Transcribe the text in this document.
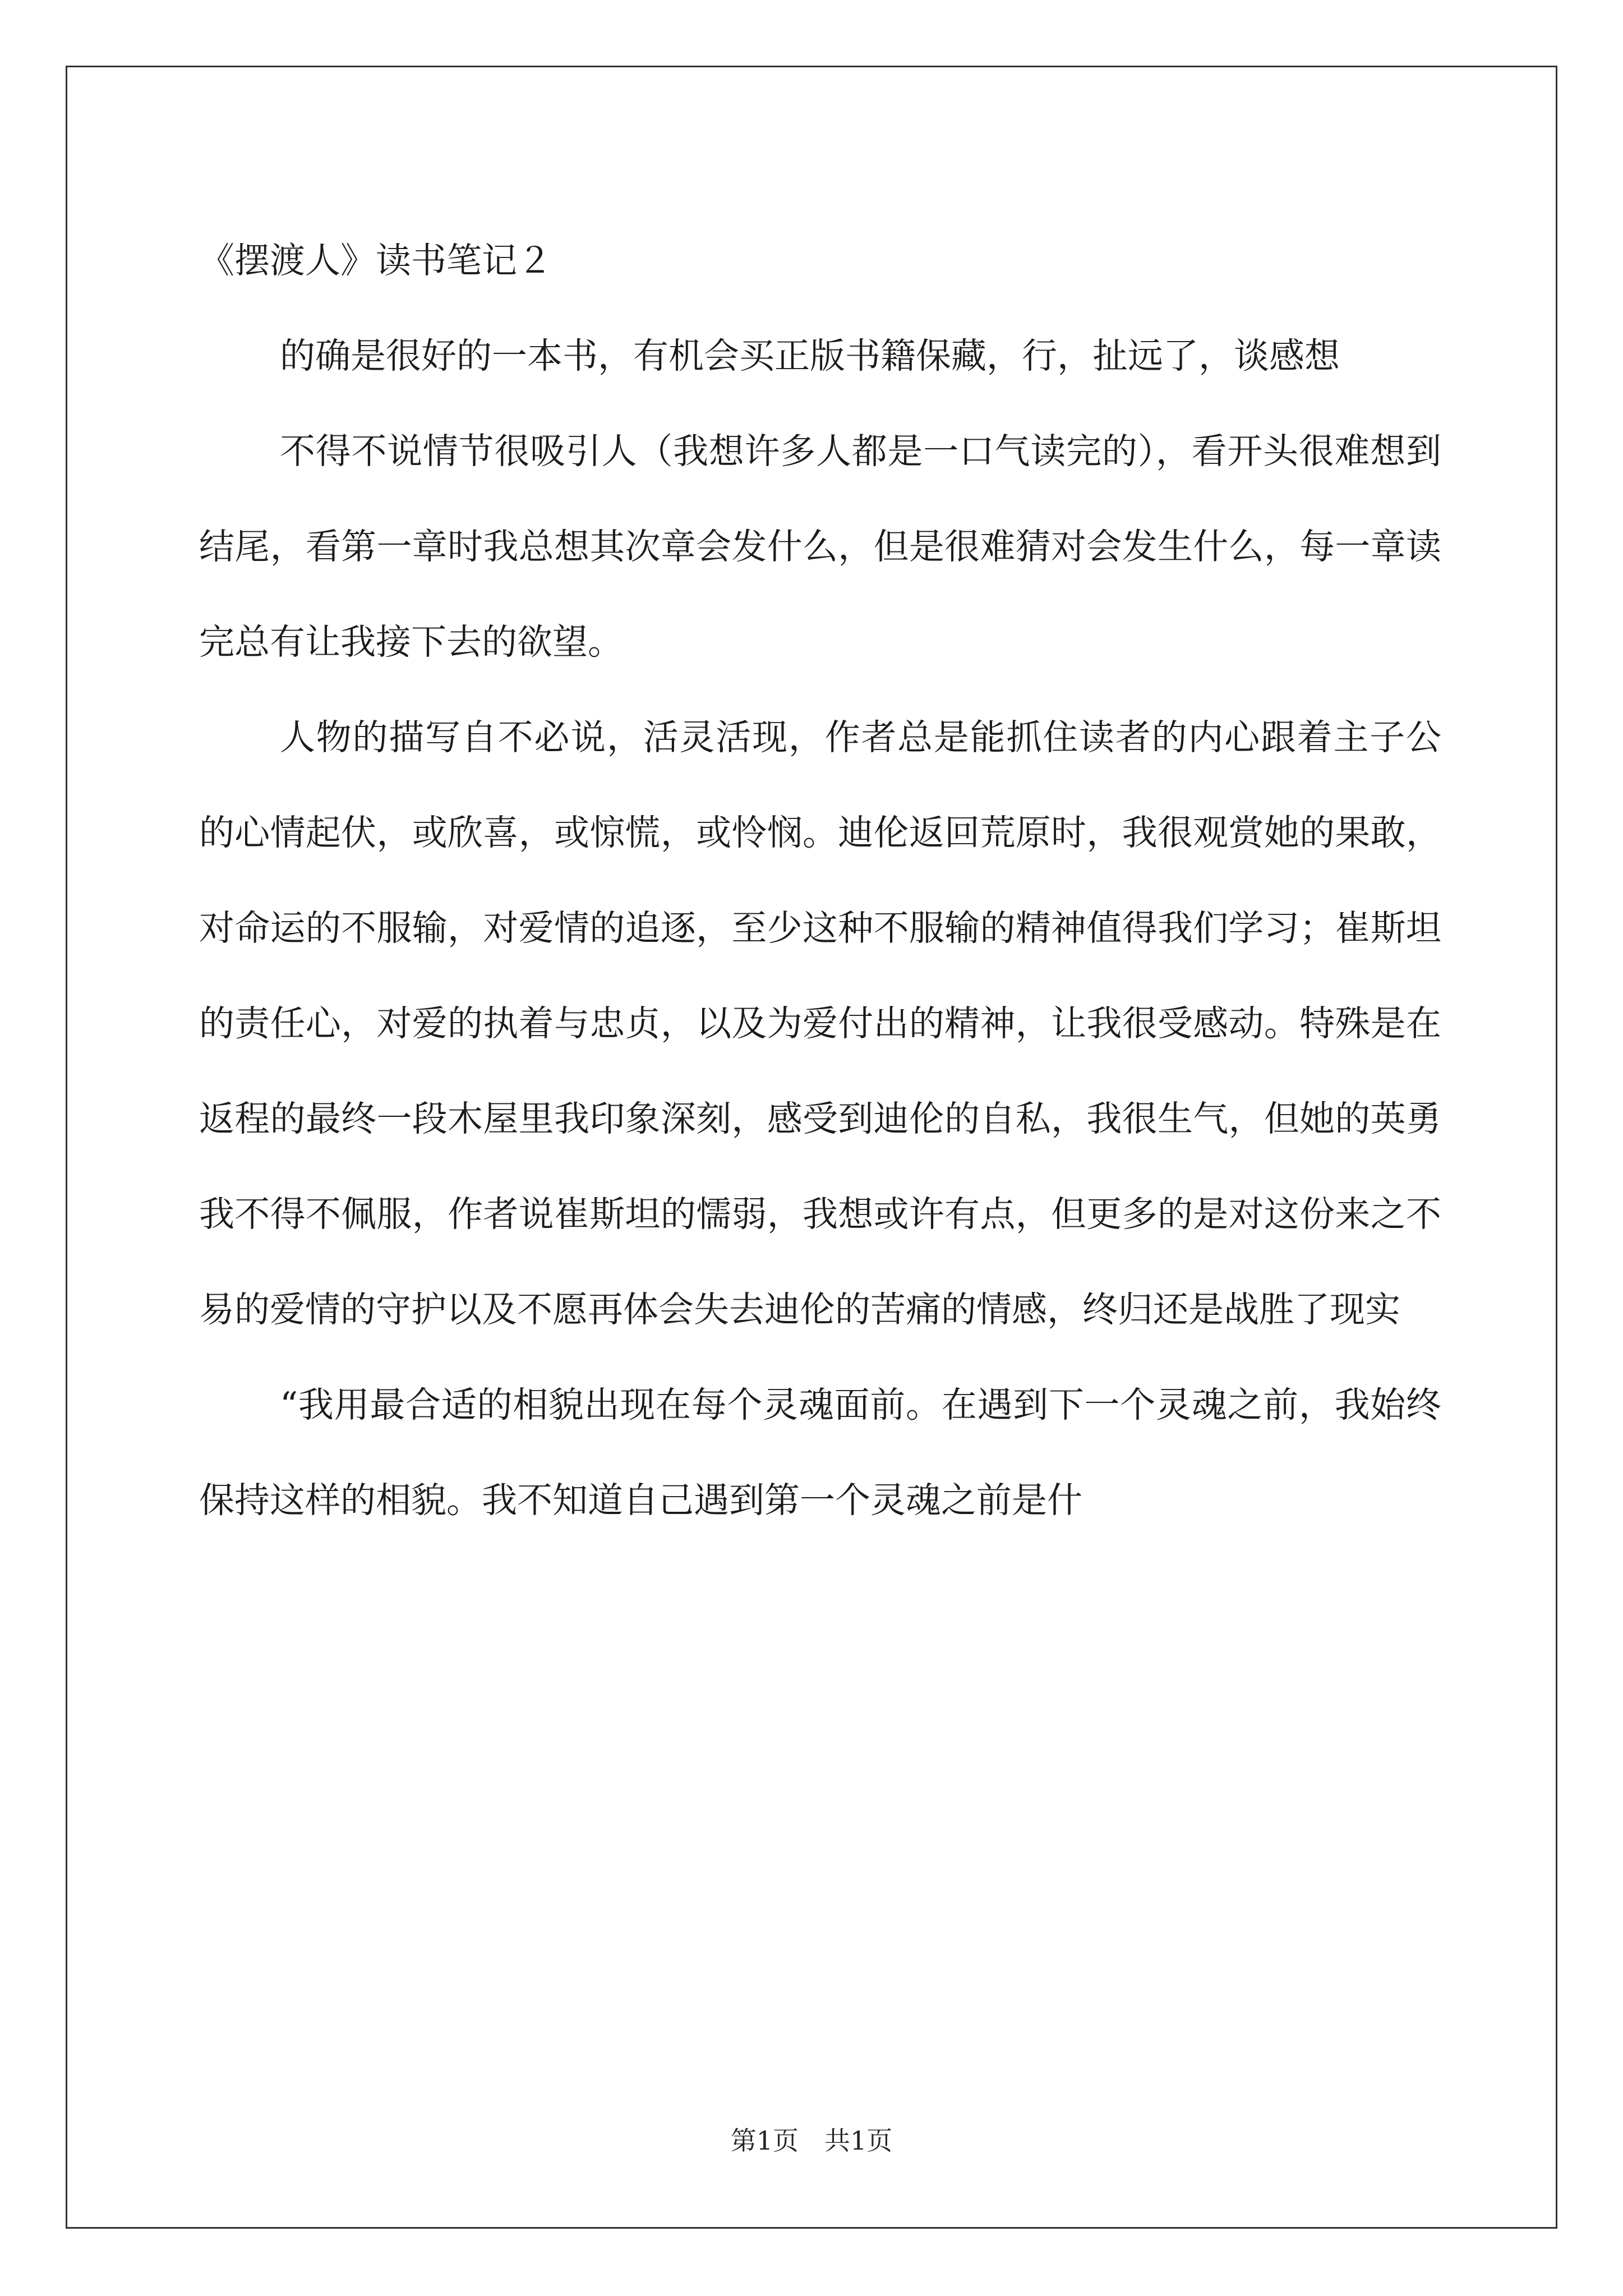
《摆渡人》读书笔记２

的确是很好的一本书，有机会买正版书籍保藏，行，扯远了，谈感想

不得不说情节很吸引人（我想许多人都是一口气读完的），看开头很难想到结尾，看第一章时我总想其次章会发什么，但是很难猜对会发生什么，每一章读完总有让我接下去的欲望。

人物的描写自不必说，活灵活现，作者总是能抓住读者的内心跟着主子公的心情起伏，或欣喜，或惊慌，或怜悯。迪伦返回荒原时，我很观赏她的果敢，对命运的不服输，对爱情的追逐，至少这种不服输的精神值得我们学习；崔斯坦的责任心，对爱的执着与忠贞，以及为爱付出的精神，让我很受感动。特殊是在返程的最终一段木屋里我印象深刻，感受到迪伦的自私，我很生气，但她的英勇我不得不佩服，作者说崔斯坦的懦弱，我想或许有点，但更多的是对这份来之不易的爱情的守护以及不愿再体会失去迪伦的苦痛的情感，终归还是战胜了现实

“我用最合适的相貌出现在每个灵魂面前。在遇到下一个灵魂之前，我始终保持这样的相貌。我不知道自己遇到第一个灵魂之前是什

第1页 共1页
